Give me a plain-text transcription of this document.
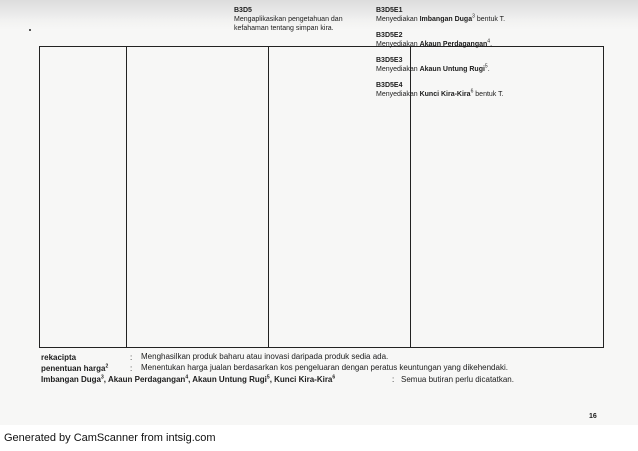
B3D5
Mengaplikasikan pengetahuan dan kefahaman tentang simpan kira.
B3D5E1
Menyediakan Imbangan Duga$^3$ bentuk T.
B3D5E2
Menyediakan Akaun Perdagangan$^4$.
B3D5E3
Menyediakan Akaun Untung Rugi$^5$.
B3D5E4
Menyediakan Kunci Kira-Kira$^6$ bentuk T.
rekacipta	: Menghasilkan produk baharu atau inovasi daripada produk sedia ada.
penentuan harga$^2$	: Menentukan harga jualan berdasarkan kos pengeluaran dengan peratus keuntungan yang dikehendaki.
Imbangan Duga$^3$, Akaun Perdagangan$^4$, Akaun Untung Rugi$^5$, Kunci Kira-Kira$^6$	: Semua butiran perlu dicatatkan.
16
Generated by CamScanner from intsig.com
